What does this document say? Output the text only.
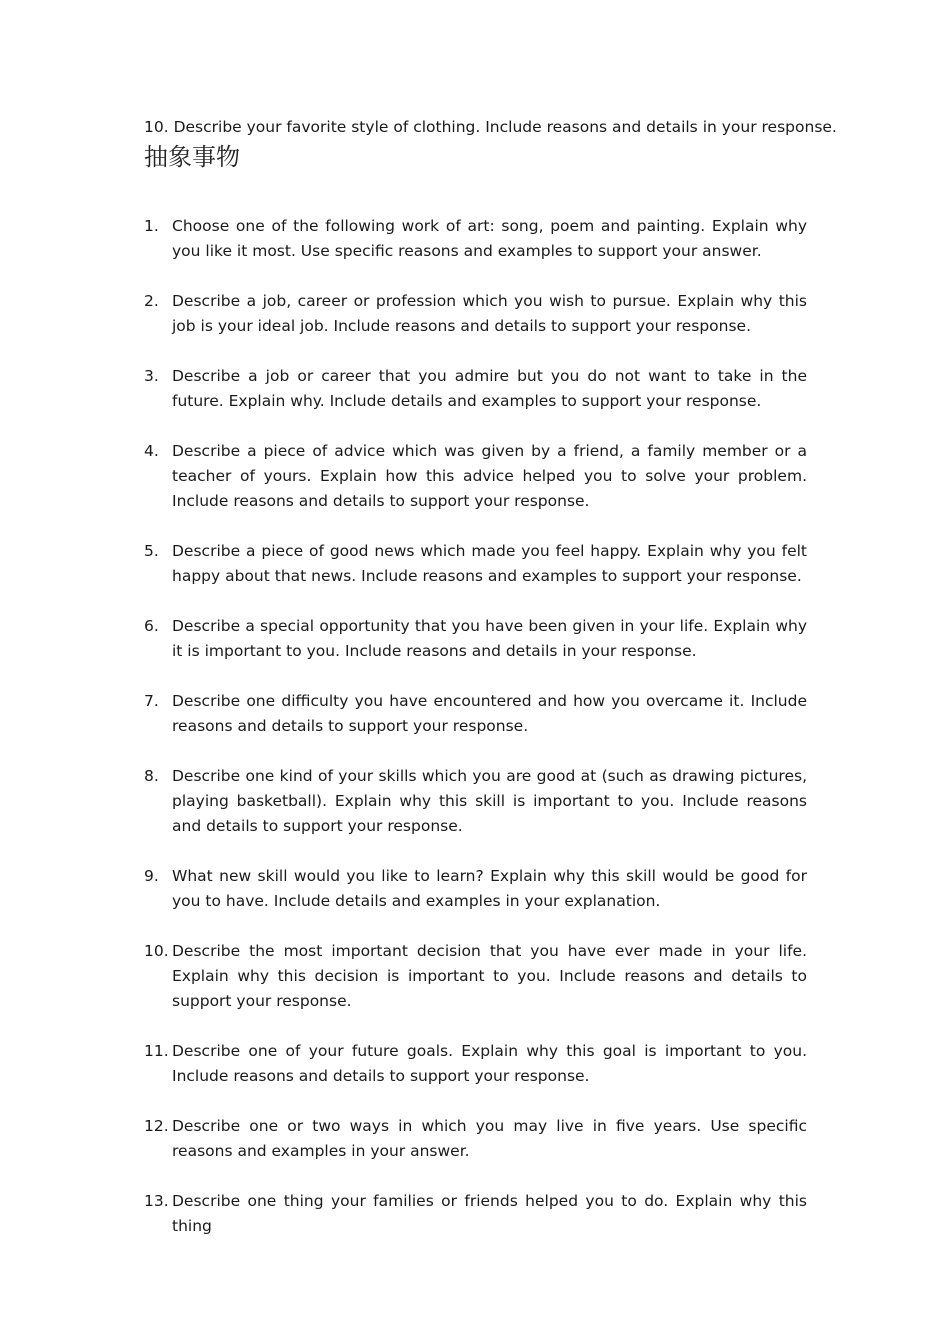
10. Describe your favorite style of clothing. Include reasons and details in your response.
抽象事物
1. Choose one of the following work of art: song, poem and painting. Explain why you like it most. Use specific reasons and examples to support your answer.
2. Describe a job, career or profession which you wish to pursue. Explain why this job is your ideal job. Include reasons and details to support your response.
3. Describe a job or career that you admire but you do not want to take in the future. Explain why. Include details and examples to support your response.
4. Describe a piece of advice which was given by a friend, a family member or a teacher of yours. Explain how this advice helped you to solve your problem. Include reasons and details to support your response.
5. Describe a piece of good news which made you feel happy. Explain why you felt happy about that news. Include reasons and examples to support your response.
6. Describe a special opportunity that you have been given in your life. Explain why it is important to you. Include reasons and details in your response.
7. Describe one difficulty you have encountered and how you overcame it. Include reasons and details to support your response.
8. Describe one kind of your skills which you are good at (such as drawing pictures, playing basketball). Explain why this skill is important to you. Include reasons and details to support your response.
9. What new skill would you like to learn? Explain why this skill would be good for you to have. Include details and examples in your explanation.
10. Describe the most important decision that you have ever made in your life. Explain why this decision is important to you. Include reasons and details to support your response.
11. Describe one of your future goals. Explain why this goal is important to you. Include reasons and details to support your response.
12. Describe one or two ways in which you may live in five years. Use specific reasons and examples in your answer.
13. Describe one thing your families or friends helped you to do. Explain why this thing
